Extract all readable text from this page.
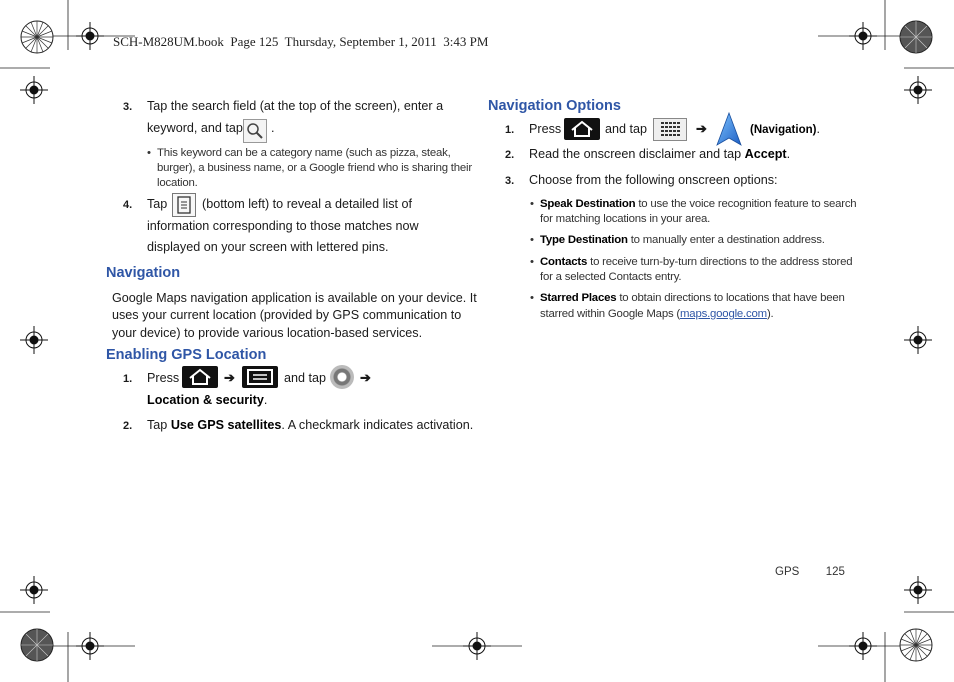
SCH-M828UM.book Page 125 Thursday, September 1, 2011 3:43 PM
3. Tap the search field (at the top of the screen), enter a
keyword, and tap .
• This keyword can be a category name (such as pizza, steak,
burger), a business name, or a Google friend who is sharing their
location.
4. Tap	(bottom left) to reveal a detailed list of
information corresponding to those matches now
displayed on your screen with lettered pins.
Navigation
Google Maps navigation application is available on your device. It
uses your current location (provided by GPS communication to
your device) to provide various location-based services.
Enabling GPS Location
1. Press	➔	and tap	➔
Location & security.
2. Tap Use GPS satellites. A checkmark indicates activation.
Navigation Options
1. Press	and tap	➔	(Navigation).
2. Read the onscreen disclaimer and tap Accept.
3. Choose from the following onscreen options:
• Speak Destination to use the voice recognition feature to search
for matching locations in your area.
• Type Destination to manually enter a destination address.
• Contacts to receive turn-by-turn directions to the address stored
for a selected Contacts entry.
• Starred Places to obtain directions to locations that have been
starred within Google Maps (maps.google.com).
GPS 125
